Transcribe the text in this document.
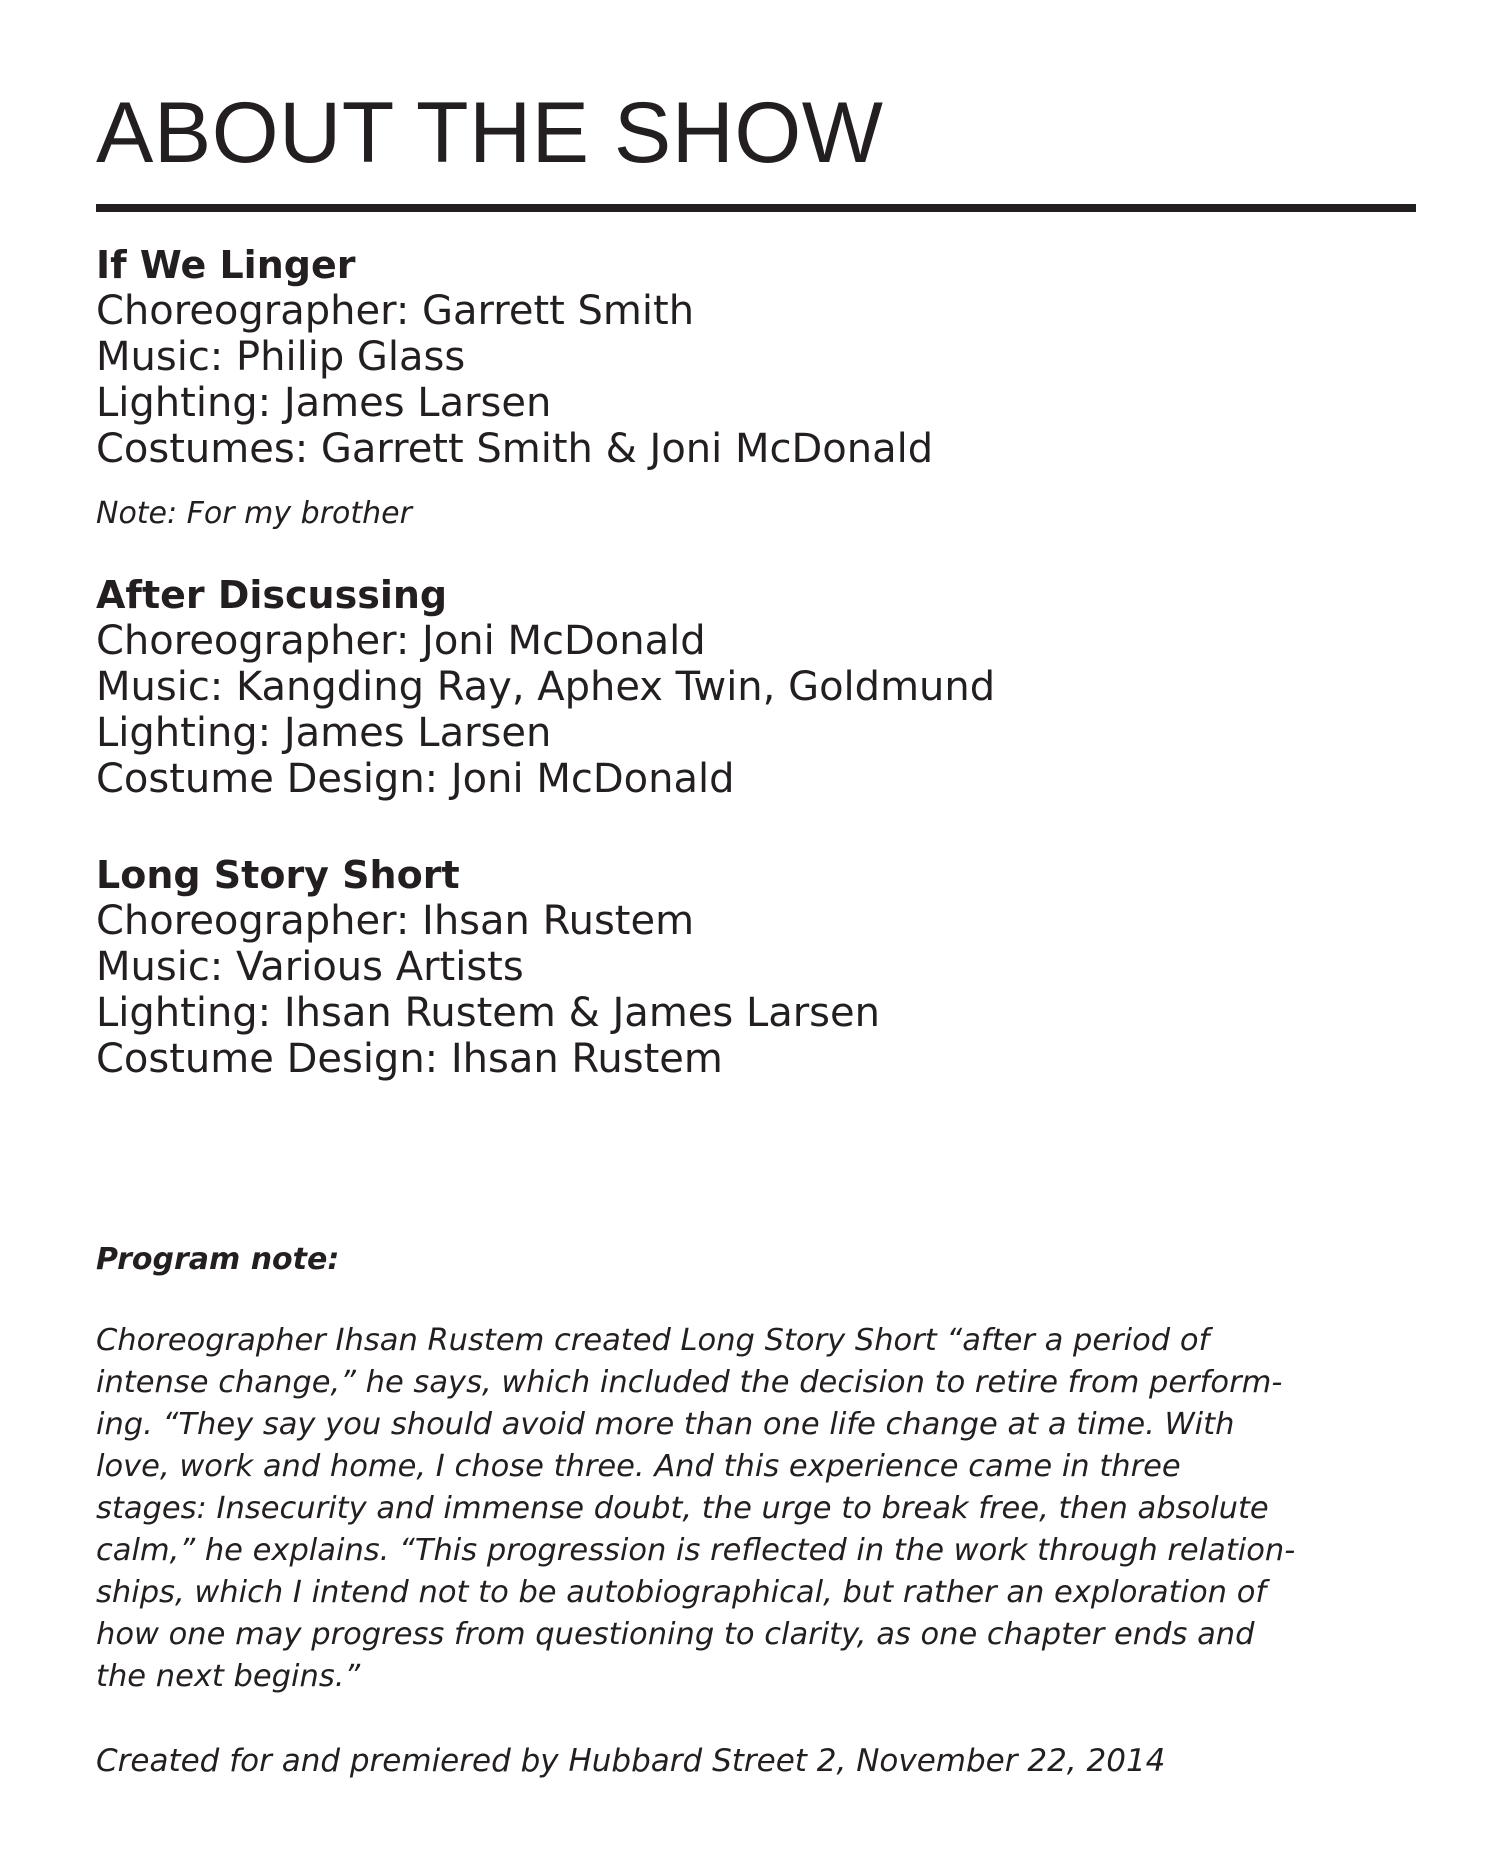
ABOUT THE SHOW

If We Linger

Choreographer: Garrett Smith

Music: Philip Glass

Lighting: James Larsen

Costumes: Garrett Smith & Joni McDonald

Note: For my brother

After Discussing

Choreographer: Joni McDonald

Music: Kangding Ray, Aphex Twin, Goldmund

Lighting: James Larsen

Costume Design: Joni McDonald

Long Story Short

Choreographer: Ihsan Rustem

Music: Various Artists

Lighting: Ihsan Rustem & James Larsen

Costume Design: Ihsan Rustem

Program note:

Choreographer Ihsan Rustem created Long Story Short “after a period of

intense change,” he says, which included the decision to retire from perform-

ing. “They say you should avoid more than one life change at a time. With

love, work and home, I chose three. And this experience came in three

stages: Insecurity and immense doubt, the urge to break free, then absolute

calm,” he explains. “This progression is reflected in the work through relation-

ships, which I intend not to be autobiographical, but rather an exploration of

how one may progress from questioning to clarity, as one chapter ends and

the next begins.”

Created for and premiered by Hubbard Street 2, November 22, 2014
